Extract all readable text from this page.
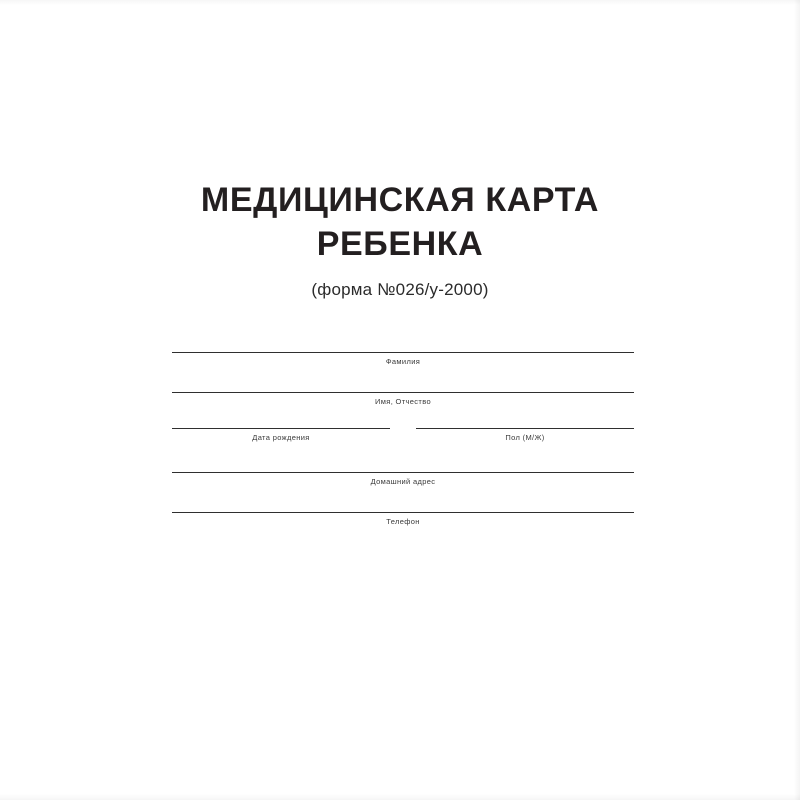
МЕДИЦИНСКАЯ КАРТА
РЕБЕНКА
(форма №026/у-2000)
Фамилия
Имя, Отчество
Дата рождения	Пол (М/Ж)
Домашний адрес
Телефон
